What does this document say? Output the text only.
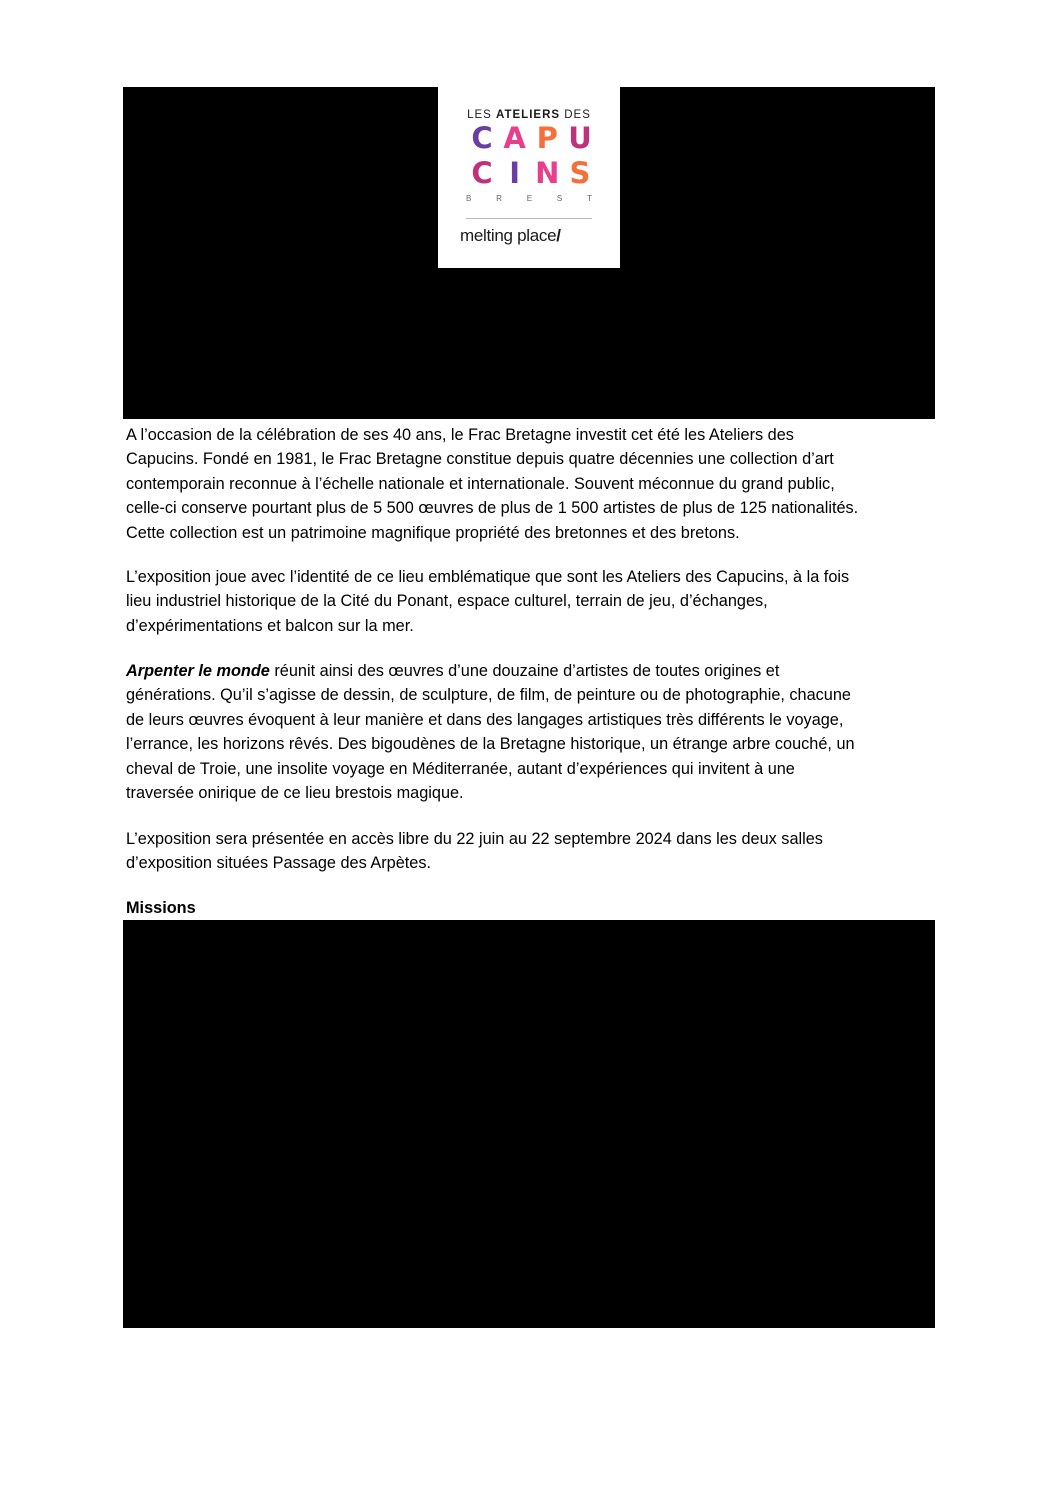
LES ATELIERS DES
C A P U
C I N S
B	R	E	S	T
melting place/

A l’occasion de la célébration de ses 40 ans, le Frac Bretagne investit cet été les Ateliers des
Capucins. Fondé en 1981, le Frac Bretagne constitue depuis quatre décennies une collection d’art
contemporain reconnue à l’échelle nationale et internationale. Souvent méconnue du grand public,
celle-ci conserve pourtant plus de 5 500 œuvres de plus de 1 500 artistes de plus de 125 nationalités.
Cette collection est un patrimoine magnifique propriété des bretonnes et des bretons.

L’exposition joue avec l’identité de ce lieu emblématique que sont les Ateliers des Capucins, à la fois
lieu industriel historique de la Cité du Ponant, espace culturel, terrain de jeu, d’échanges,
d’expérimentations et balcon sur la mer.

Arpenter le monde réunit ainsi des œuvres d’une douzaine d’artistes de toutes origines et
générations. Qu’il s’agisse de dessin, de sculpture, de film, de peinture ou de photographie, chacune
de leurs œuvres évoquent à leur manière et dans des langages artistiques très différents le voyage,
l’errance, les horizons rêvés. Des bigoudènes de la Bretagne historique, un étrange arbre couché, un
cheval de Troie, une insolite voyage en Méditerranée, autant d’expériences qui invitent à une
traversée onirique de ce lieu brestois magique.

L’exposition sera présentée en accès libre du 22 juin au 22 septembre 2024 dans les deux salles
d’exposition situées Passage des Arpètes.

Missions
